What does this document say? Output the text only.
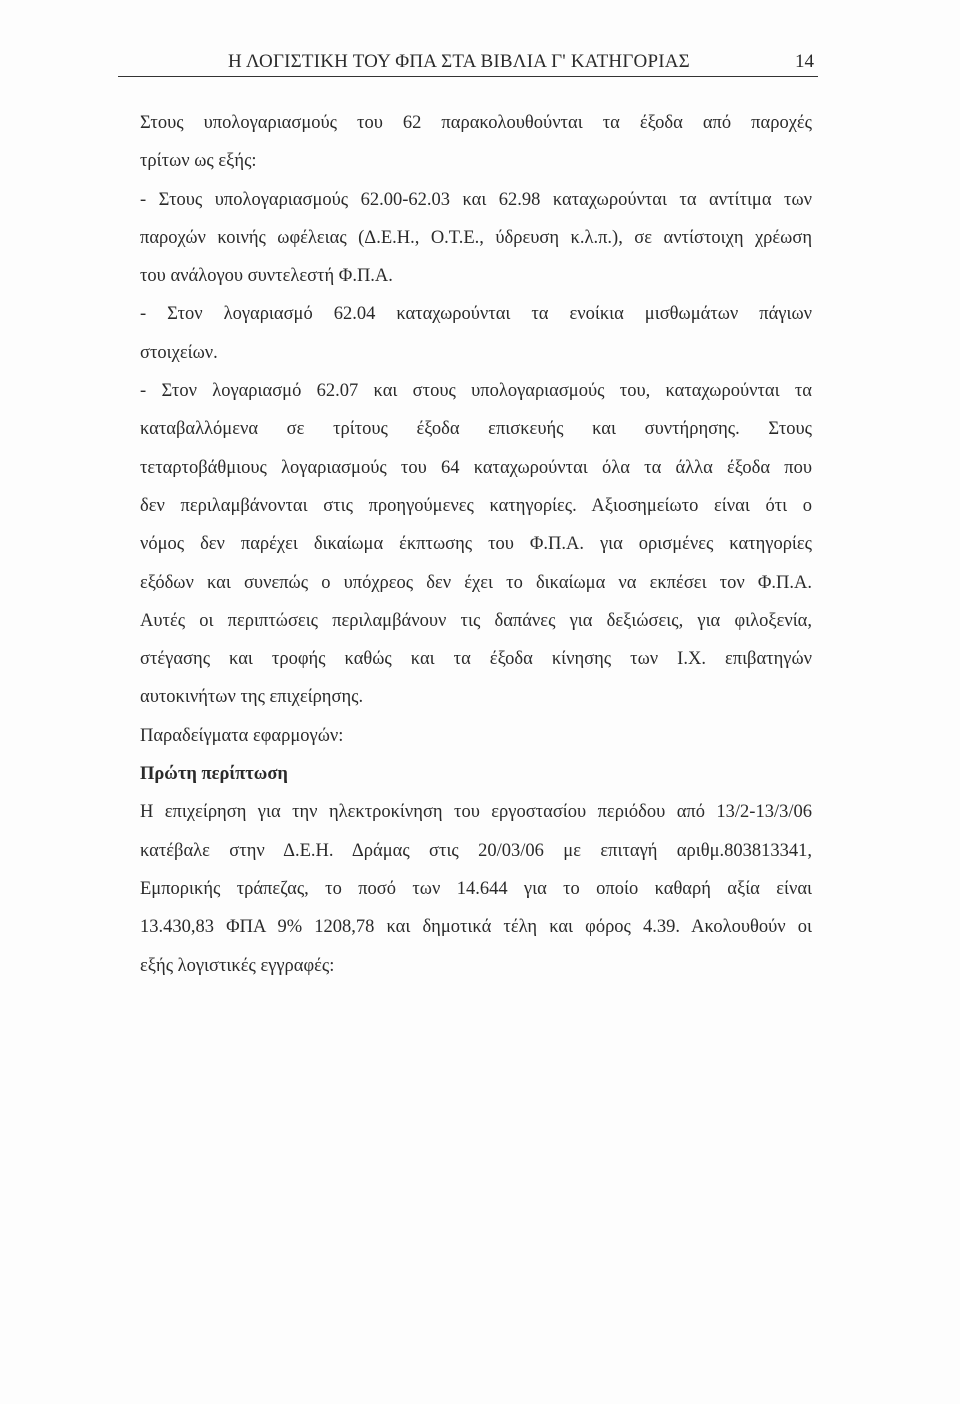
Η ΛΟΓΙΣΤΙΚΗ ΤΟΥ ΦΠΑ ΣΤΑ ΒΙΒΛΙΑ Γ' ΚΑΤΗΓΟΡΙΑΣ	14
Στους υπολογαριασμούς του 62 παρακολουθούνται τα έξοδα από παροχές
τρίτων ως εξής:
- Στους υπολογαριασμούς 62.00-62.03 και 62.98 καταχωρούνται τα αντίτιμα των
παροχών κοινής ωφέλειας (Δ.Ε.Η., Ο.Τ.Ε., ύδρευση κ.λ.π.), σε αντίστοιχη χρέωση
του ανάλογου συντελεστή Φ.Π.Α.
- Στον λογαριασμό 62.04 καταχωρούνται τα ενοίκια μισθωμάτων πάγιων
στοιχείων.
- Στον λογαριασμό 62.07 και στους υπολογαριασμούς του, καταχωρούνται τα
καταβαλλόμενα σε τρίτους έξοδα επισκευής και συντήρησης. Στους
τεταρτοβάθμιους λογαριασμούς του 64 καταχωρούνται όλα τα άλλα έξοδα που
δεν περιλαμβάνονται στις προηγούμενες κατηγορίες. Αξιοσημείωτο είναι ότι ο
νόμος δεν παρέχει δικαίωμα έκπτωσης του Φ.Π.Α. για ορισμένες κατηγορίες
εξόδων και συνεπώς ο υπόχρεος δεν έχει το δικαίωμα να εκπέσει τον Φ.Π.Α.
Αυτές οι περιπτώσεις περιλαμβάνουν τις δαπάνες για δεξιώσεις, για φιλοξενία,
στέγασης και τροφής καθώς και τα έξοδα κίνησης των Ι.Χ. επιβατηγών
αυτοκινήτων της επιχείρησης.
Παραδείγματα εφαρμογών:
Πρώτη περίπτωση
Η επιχείρηση για την ηλεκτροκίνηση του εργοστασίου περιόδου από 13/2-13/3/06
κατέβαλε στην Δ.Ε.Η. Δράμας στις 20/03/06 με επιταγή αριθμ.803813341,
Εμπορικής τράπεζας, το ποσό των 14.644 για το οποίο καθαρή αξία είναι
13.430,83 ΦΠΑ 9% 1208,78 και δημοτικά τέλη και φόρος 4.39. Ακολουθούν οι
εξής λογιστικές εγγραφές:
